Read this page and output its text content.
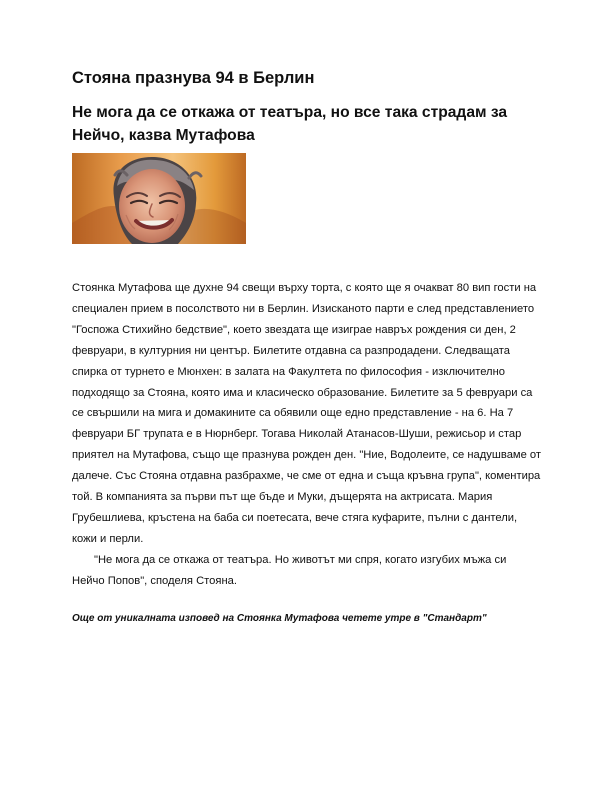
Стояна празнува 94 в Берлин
Не мога да се откажа от театъра, но все така страдам за Нейчо, казва Мутафова

Стоянка Мутафова ще духне 94 свещи върху торта, с която ще я очакват 80 вип гости на специален прием в посолството ни в Берлин. Изисканото парти е след представлението "Госпожа Стихийно бедствие", което звездата ще изиграе навръх рождения си ден, 2 февруари, в културния ни център. Билетите отдавна са разпродадени. Следващата спирка от турнето е Мюнхен: в залата на Факултета по философия - изключително подходящо за Стояна, която има и класическо образование. Билетите за 5 февруари са се свършили на мига и домакините са обявили още едно представление - на 6. На 7 февруари БГ трупата е в Нюрнберг. Тогава Николай Атанасов-Шуши, режисьор и стар приятел на Мутафова, също ще празнува рожден ден. "Ние, Водолеите, се надушваме от далече. Със Стояна отдавна разбрахме, че сме от една и съща кръвна група", коментира той. В компанията за първи път ще бъде и Муки, дъщерята на актрисата. Мария Грубешлиева, кръстена на баба си поетесата, вече стяга куфарите, пълни с дантели, кожи и перли.

"Не мога да се откажа от театъра. Но животът ми спря, когато изгубих мъжа си Нейчо Попов", споделя Стояна.

Още от уникалната изповед на Стоянка Мутафова четете утре в "Стандарт"
